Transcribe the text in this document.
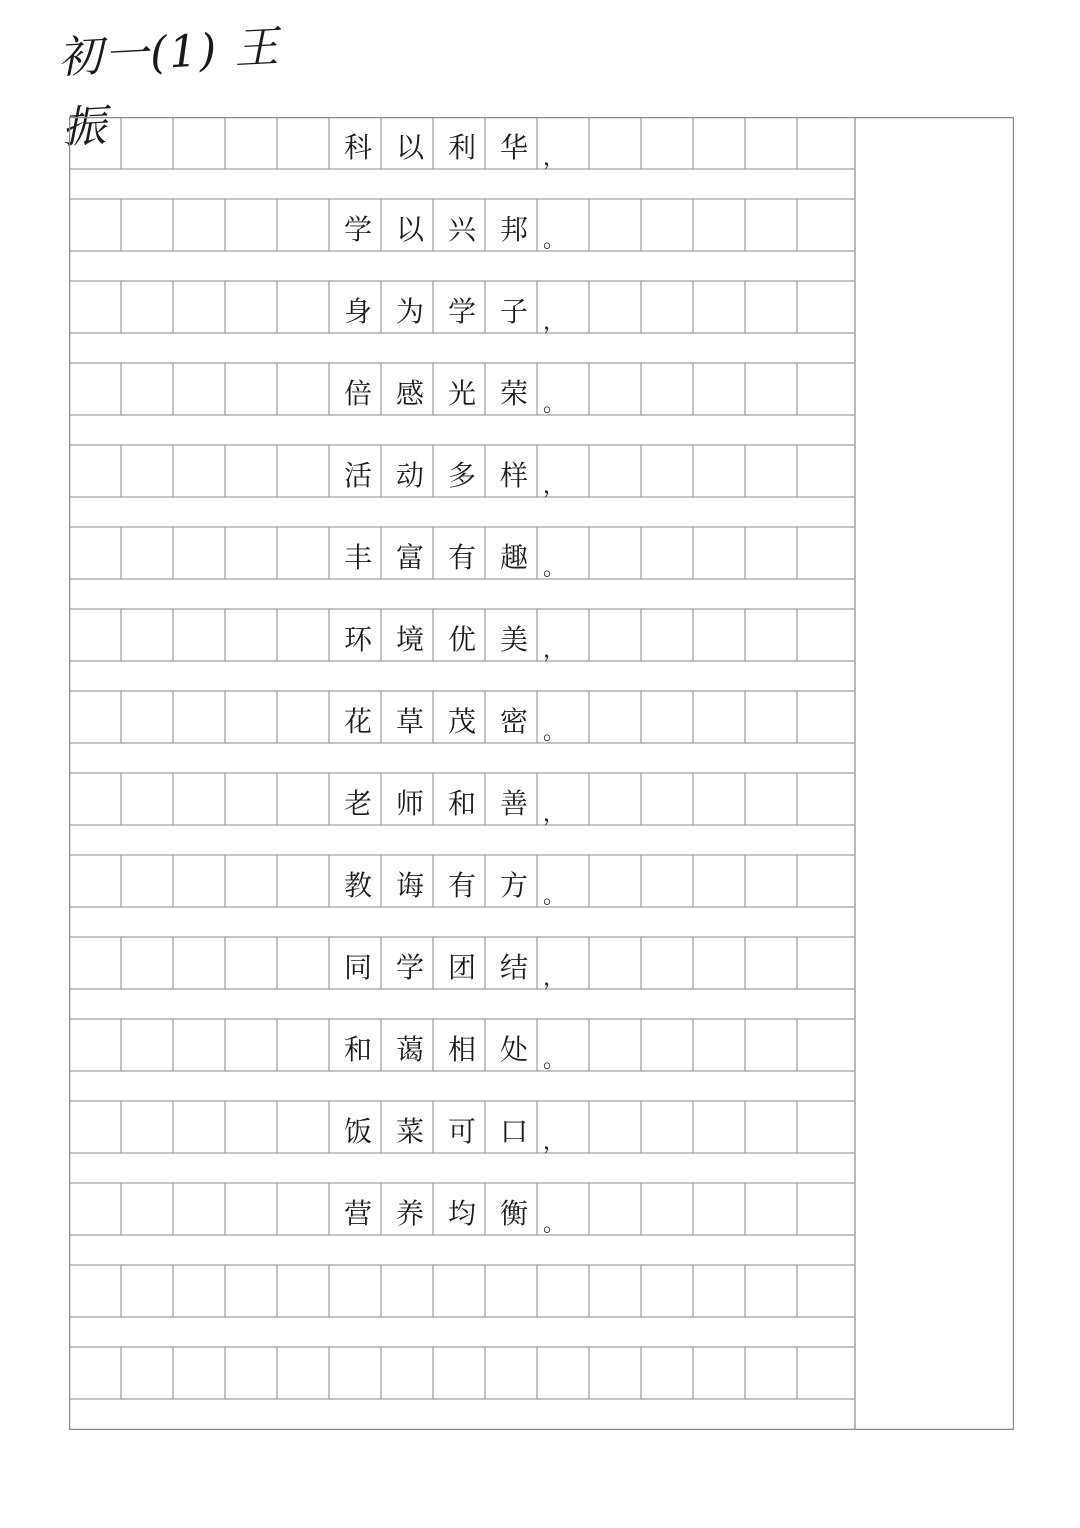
初一(1) 王振	科 以 利 华 ，
学 以 兴 邦 。
身 为 学 子 ，
倍 感 光 荣 。
活 动 多 样 ，
丰 富 有 趣 。
环 境 优 美 ，
花 草 茂 密 。
老 师 和 善 ，
教 诲 有 方 。
同 学 团 结 ，
和 蔼 相 处 。
饭 菜 可 口 ，
营 养 均 衡 。
